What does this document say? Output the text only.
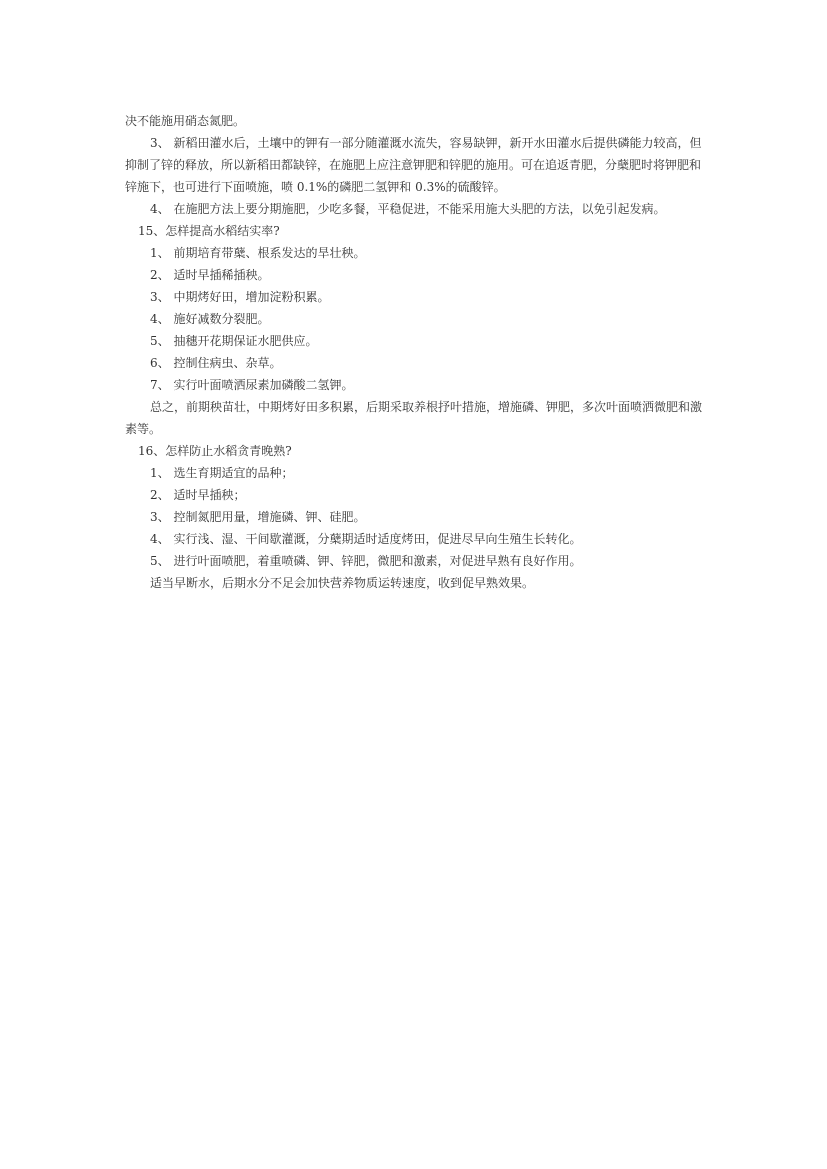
决不能施用硝态氮肥。

3、 新稻田灌水后，土壤中的钾有一部分随灌溉水流失，容易缺钾，新开水田灌水后提供磷能力较高，但抑制了锌的释放，所以新稻田都缺锌，在施肥上应注意钾肥和锌肥的施用。可在追返青肥，分蘖肥时将钾肥和锌施下，也可进行下面喷施，喷 0.1%的磷肥二氢钾和 0.3%的硫酸锌。

4、 在施肥方法上要分期施肥，少吃多餐，平稳促进，不能采用施大头肥的方法，以免引起发病。

15、怎样提高水稻结实率?

1、 前期培育带蘖、根系发达的旱壮秧。

2、 适时早插稀插秧。

3、 中期烤好田，增加淀粉积累。

4、 施好减数分裂肥。

5、 抽穗开花期保证水肥供应。

6、 控制住病虫、杂草。

7、 实行叶面喷洒尿素加磷酸二氢钾。

总之，前期秧苗壮，中期烤好田多积累，后期采取养根抒叶措施，增施磷、钾肥，多次叶面喷洒微肥和激素等。

16、怎样防止水稻贪青晚熟?

1、 选生育期适宜的品种；

2、 适时早插秧；

3、 控制氮肥用量，增施磷、钾、硅肥。

4、 实行浅、湿、干间歇灌溉，分蘖期适时适度烤田，促进尽早向生殖生长转化。

5、 进行叶面喷肥，着重喷磷、钾、锌肥，微肥和激素，对促进早熟有良好作用。

适当早断水，后期水分不足会加快营养物质运转速度，收到促早熟效果。
